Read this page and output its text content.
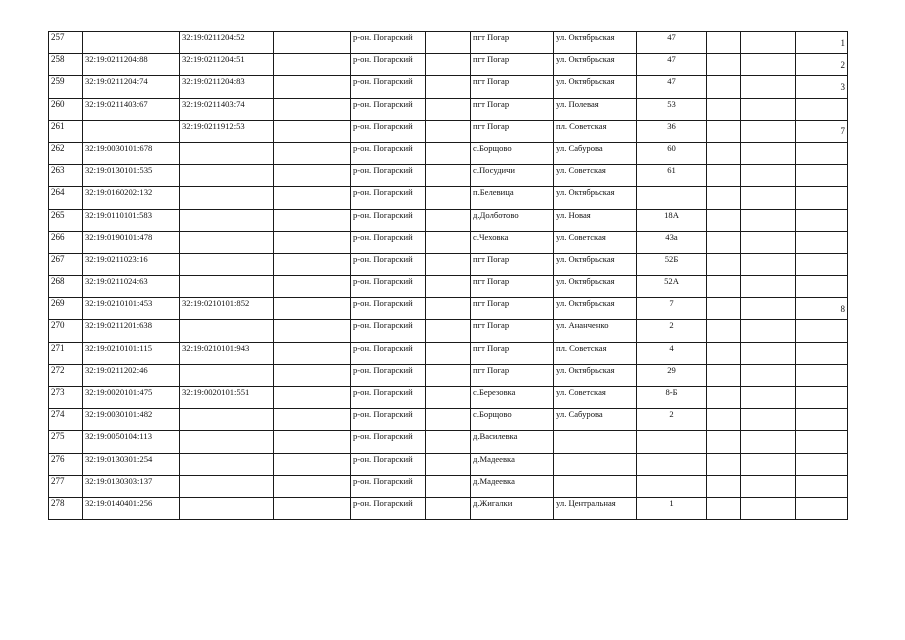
257		32:19:0211204:52		р-он. Погарский		пгт Погар	ул. Октябрьская	47			1
258	32:19:0211204:88	32:19:0211204:51		р-он. Погарский		пгт Погар	ул. Октябрьская	47			2
259	32:19:0211204:74	32:19:0211204:83		р-он. Погарский		пгт Погар	ул. Октябрьская	47			3
260	32:19:0211403:67	32:19:0211403:74		р-он. Погарский		пгт Погар	ул. Полевая	53			
261		32:19:0211912:53		р-он. Погарский		пгт Погар	пл. Советская	36			7
262	32:19:0030101:678			р-он. Погарский		с.Борщово	ул. Сабурова	60			
263	32:19:0130101:535			р-он. Погарский		с.Посудичи	ул. Советская	61			
264	32:19:0160202:132			р-он. Погарский		п.Белевица	ул. Октябрьская				
265	32:19:0110101:583			р-он. Погарский		д.Долботово	ул. Новая	18А			
266	32:19:0190101:478			р-он. Погарский		с.Чеховка	ул. Советская	43а			
267	32:19:0211023:16			р-он. Погарский		пгт Погар	ул. Октябрьская	52Б			
268	32:19:0211024:63			р-он. Погарский		пгт Погар	ул. Октябрьская	52А			
269	32:19:0210101:453	32:19:0210101:852		р-он. Погарский		пгт Погар	ул. Октябрьская	7			8
270	32:19:0211201:638			р-он. Погарский		пгт Погар	ул. Ананченко	2			
271	32:19:0210101:115	32:19:0210101:943		р-он. Погарский		пгт Погар	пл. Советская	4			
272	32:19:0211202:46			р-он. Погарский		пгт Погар	ул. Октябрьская	29			
273	32:19:0020101:475	32:19:0020101:551		р-он. Погарский		с.Березовка	ул. Советская	8-Б			
274	32:19:0030101:482			р-он. Погарский		с.Борщово	ул. Сабурова	2			
275	32:19:0050104:113			р-он. Погарский		д.Василевка					
276	32:19:0130301:254			р-он. Погарский		д.Мадеевка					
277	32:19:0130303:137			р-он. Погарский		д.Мадеевка					
278	32:19:0140401:256			р-он. Погарский		д.Жигалки	ул. Центральная	1			
